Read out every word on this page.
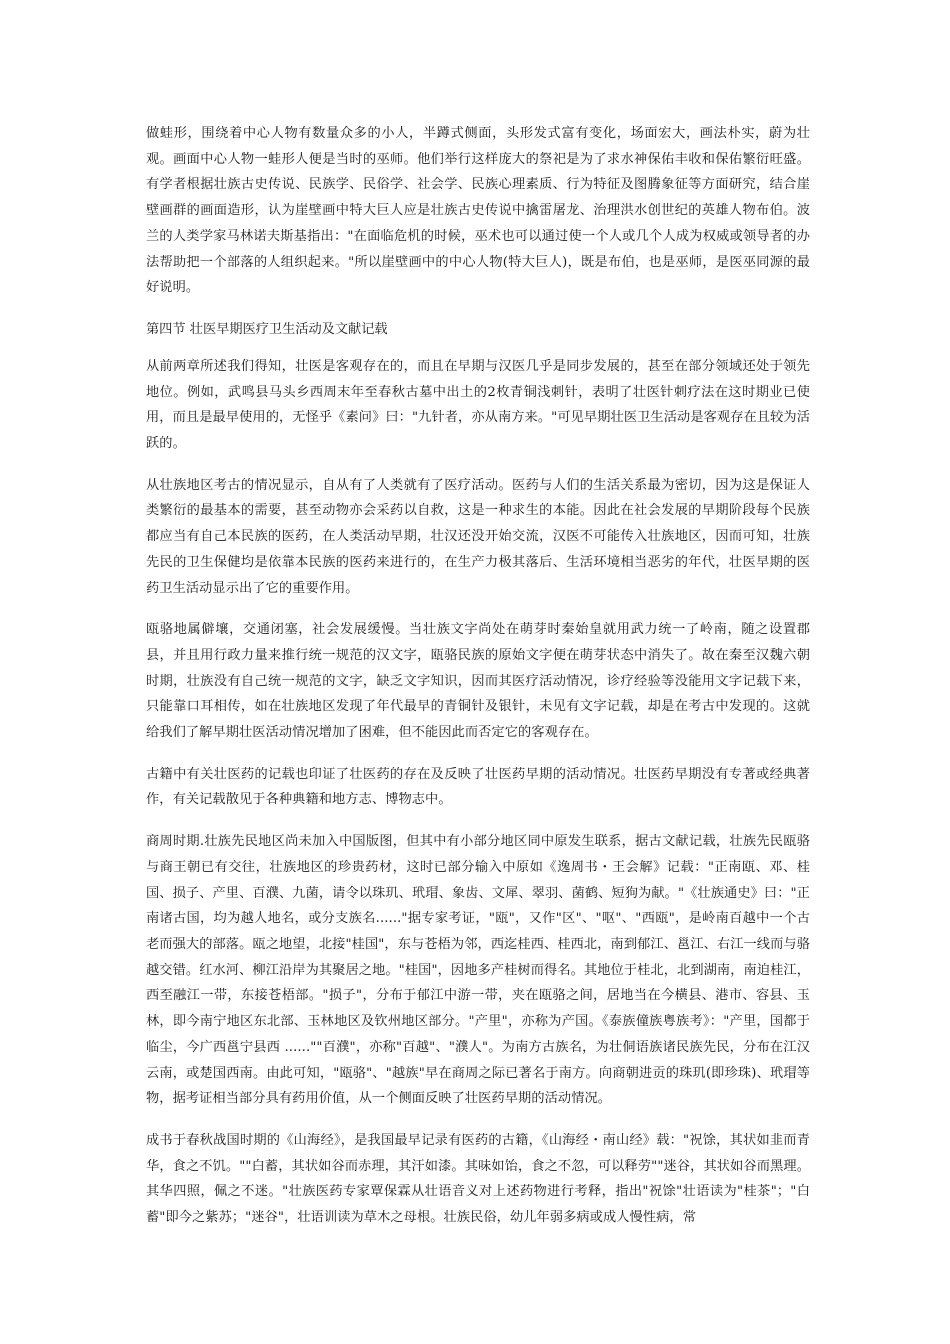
做蛙形，围绕着中心人物有数量众多的小人，半蹲式侧面，头形发式富有变化，场面宏大，画法朴实，蔚为壮观。画面中心人物一蛙形人便是当时的巫师。他们举行这样庞大的祭祀是为了求水神保佑丰收和保佑繁衍旺盛。有学者根据壮族古史传说、民族学、民俗学、社会学、民族心理素质、行为特征及图腾象征等方面研究，结合崖壁画群的画面造形，认为崖壁画中特大巨人应是壮族古史传说中擒雷屠龙、治理洪水创世纪的英雄人物布伯。波兰的人类学家马林诺夫斯基指出："在面临危机的时候，巫术也可以通过使一个人或几个人成为权威或领导者的办法帮助把一个部落的人组织起来。"所以崖壁画中的中心人物(特大巨人)，既是布伯，也是巫师，是医巫同源的最好说明。

第四节 壮医早期医疗卫生活动及文献记载

从前两章所述我们得知，壮医是客观存在的，而且在早期与汉医几乎是同步发展的，甚至在部分领域还处于领先地位。例如，武鸣县马头乡西周末年至春秋古墓中出土的2枚青铜浅刺针，表明了壮医针刺疗法在这时期业已使用，而且是最早使用的，无怪乎《素问》曰："九针者，亦从南方来。"可见早期壮医卫生活动是客观存在且较为活跃的。

从壮族地区考古的情况显示，自从有了人类就有了医疗活动。医药与人们的生活关系最为密切，因为这是保证人类繁衍的最基本的需要，甚至动物亦会采药以自救，这是一种求生的本能。因此在社会发展的早期阶段每个民族都应当有自己本民族的医药，在人类活动早期，壮汉还没开始交流，汉医不可能传入壮族地区，因而可知，壮族先民的卫生保健均是依靠本民族的医药来进行的，在生产力极其落后、生活环境相当恶劣的年代，壮医早期的医药卫生活动显示出了它的重要作用。

瓯骆地属僻壤，交通闭塞，社会发展缓慢。当壮族文字尚处在萌芽时秦始皇就用武力统一了岭南，随之设置郡县，并且用行政力量来推行统一规范的汉文字，瓯骆民族的原始文字便在萌芽状态中消失了。故在秦至汉魏六朝时期，壮族没有自己统一规范的文字，缺乏文字知识，因而其医疗活动情况，诊疗经验等没能用文字记载下来，只能靠口耳相传，如在壮族地区发现了年代最早的青铜针及银针，未见有文字记载，却是在考古中发现的。这就给我们了解早期壮医活动情况增加了困难，但不能因此而否定它的客观存在。

古籍中有关壮医药的记载也印证了壮医药的存在及反映了壮医药早期的活动情况。壮医药早期没有专著或经典著作，有关记载散见于各种典籍和地方志、博物志中。

商周时期.壮族先民地区尚未加入中国版图，但其中有小部分地区同中原发生联系，据古文献记载，壮族先民瓯骆与商王朝已有交往，壮族地区的珍贵药材，这时已部分输入中原如《逸周书・王会解》记载："正南瓯、邓、桂国、损子、产里、百濮、九菌，请令以珠玑、玳瑁、象齿、文犀、翠羽、菌鹤、短狗为献。"《壮族通史》曰："正南诸古国，均为越人地名，或分支族名......"据专家考证，"瓯"，又作"区"、"呕"、"西瓯"，是岭南百越中一个古老而强大的部落。瓯之地望，北接"桂国"，东与苍梧为邻，西迄桂西、桂西北，南到郁江、邕江、右江一线而与骆越交错。红水河、柳江沿岸为其聚居之地。"桂国"，因地多产桂树而得名。其地位于桂北，北到湖南，南迫桂江，西至融江一带，东接苍梧部。"损子"，分布于郁江中游一带，夹在瓯骆之间，居地当在今横县、港市、容县、玉林，即今南宁地区东北部、玉林地区及钦州地区部分。"产里"，亦称为产国。《泰族僮族粤族考》："产里，国都于临尘，今广西邕宁县西 ......""百濮"，亦称"百越"、"濮人"。为南方古族名，为壮侗语族诸民族先民，分布在江汉云南，或楚国西南。由此可知，"瓯骆"、"越族"早在商周之际已著名于南方。向商朝进贡的珠玑(即珍珠)、玳瑁等物，据考证相当部分具有药用价值，从一个侧面反映了壮医药早期的活动情况。

成书于春秋战国时期的《山海经》，是我国最早记录有医药的古籍，《山海经・南山经》载："祝馀，其状如韭而青华，食之不饥。""白蓄，其状如谷而赤理，其汗如漆。其味如饴，食之不忽，可以释劳""迷谷，其状如谷而黑理。其华四照，佩之不迷。"壮族医药专家覃保霖从壮语音义对上述药物进行考释，指出"祝馀"壮语读为"桂茶"；"白蓄"即今之紫苏；"迷谷"，壮语训读为草木之母根。壮族民俗，幼儿年弱多病或成人慢性病，常
